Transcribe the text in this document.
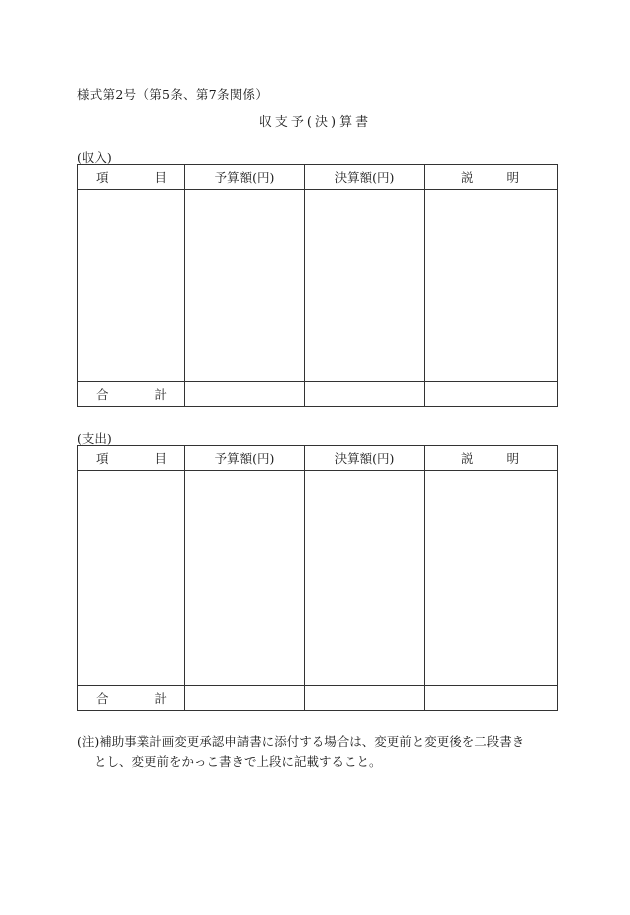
様式第2号（第5条、第7条関係）
収支予(決)算書
(収入)
項 目	予算額(円)	決算額(円)	説 明

合 計			

(支出)
項 目	予算額(円)	決算額(円)	説 明

合 計			

(注)補助事業計画変更承認申請書に添付する場合は、変更前と変更後を二段書き
とし、変更前をかっこ書きで上段に記載すること。
